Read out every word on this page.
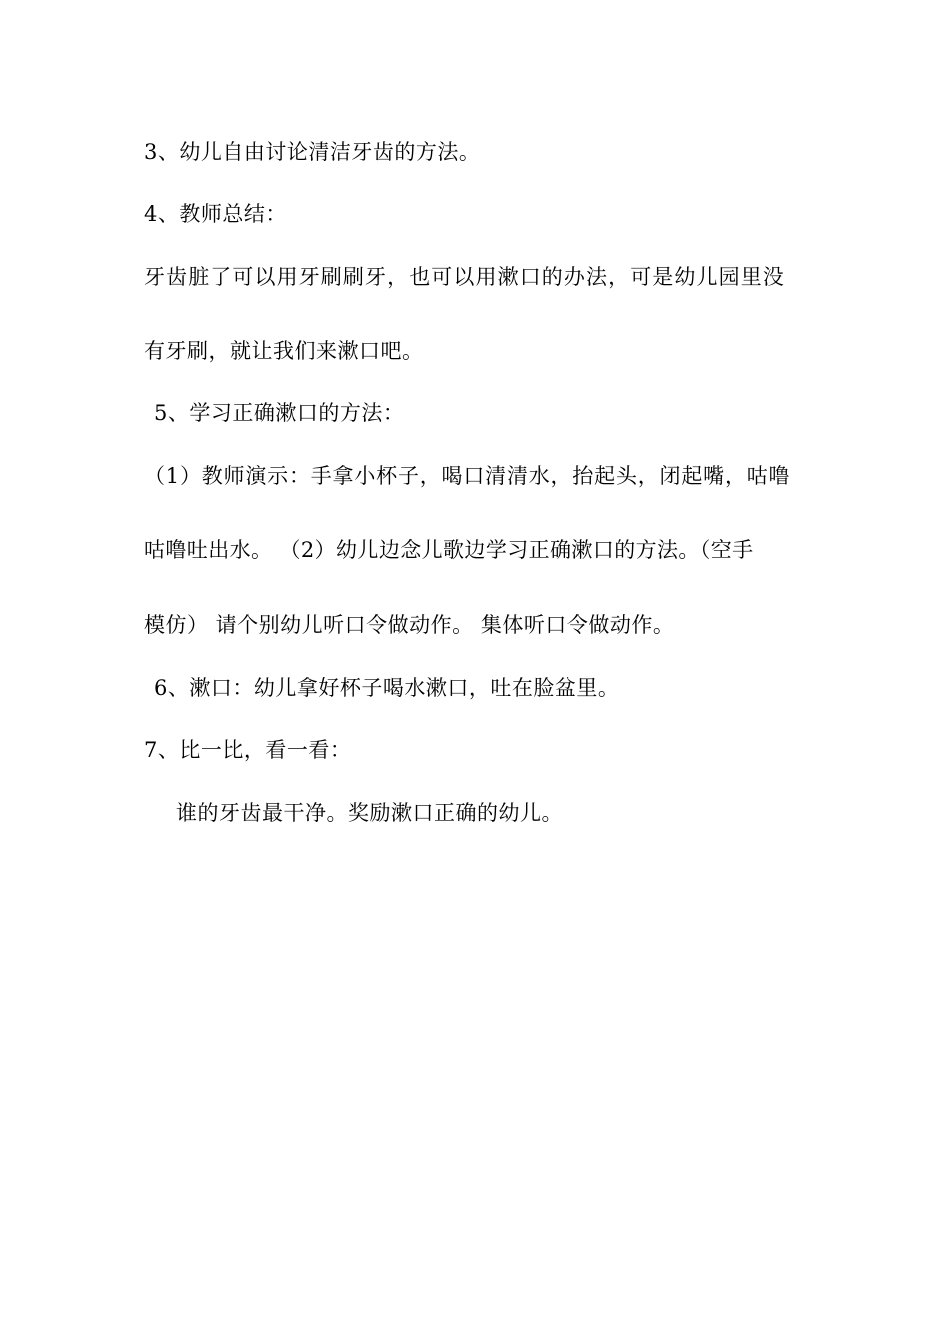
3、幼儿自由讨论清洁牙齿的方法。
4、教师总结：
牙齿脏了可以用牙刷刷牙，也可以用漱口的办法，可是幼儿园里没
有牙刷，就让我们来漱口吧。
5、学习正确漱口的方法：
（1）教师演示：手拿小杯子，喝口清清水，抬起头，闭起嘴，咕噜
咕噜吐出水。 （2）幼儿边念儿歌边学习正确漱口的方法。（空手
模仿） 请个别幼儿听口令做动作。 集体听口令做动作。
6、漱口：幼儿拿好杯子喝水漱口，吐在脸盆里。
7、比一比，看一看：
谁的牙齿最干净。奖励漱口正确的幼儿。
